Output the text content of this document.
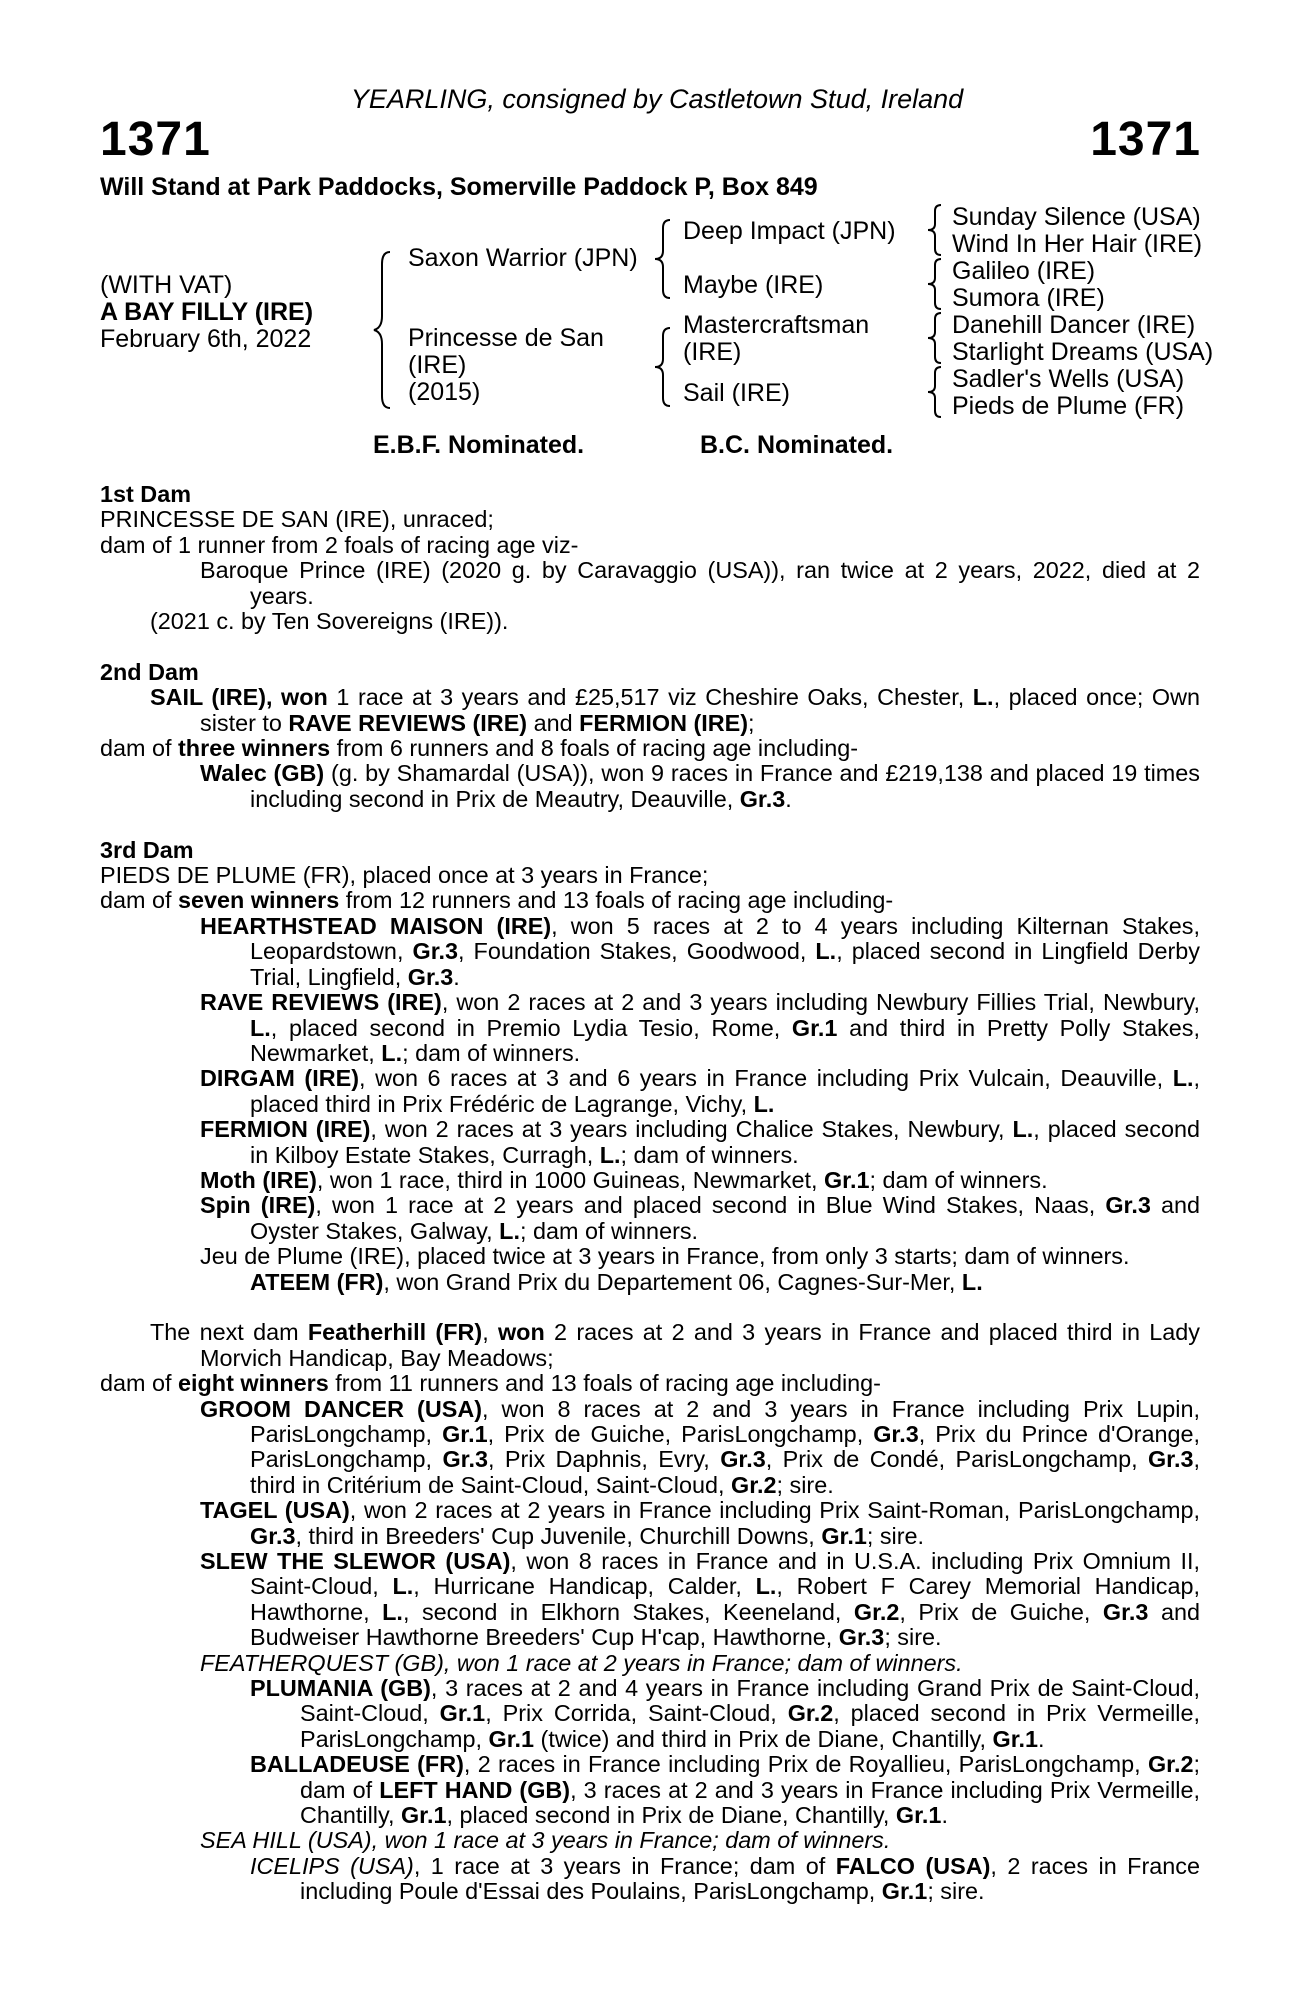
YEARLING, consigned by Castletown Stud, Ireland
1371	1371
Will Stand at Park Paddocks, Somerville Paddock P, Box 849
(WITH VAT)
A BAY FILLY (IRE)
February 6th, 2022
Saxon Warrior (JPN)
Princesse de San
(IRE)
(2015)
Deep Impact (JPN)
Maybe (IRE)
Mastercraftsman
(IRE)
Sail (IRE)
Sunday Silence (USA)
Wind In Her Hair (IRE)
Galileo (IRE)
Sumora (IRE)
Danehill Dancer (IRE)
Starlight Dreams (USA)
Sadler's Wells (USA)
Pieds de Plume (FR)
E.B.F. Nominated.	B.C. Nominated.

1st Dam

PRINCESSE DE SAN (IRE), unraced;

dam of 1 runner from 2 foals of racing age viz-

Baroque Prince (IRE) (2020 g. by Caravaggio (USA)), ran twice at 2 years, 2022, died at 2 years.

(2021 c. by Ten Sovereigns (IRE)).

2nd Dam

SAIL (IRE), won 1 race at 3 years and £25,517 viz Cheshire Oaks, Chester, L., placed once; Own sister to RAVE REVIEWS (IRE) and FERMION (IRE);

dam of three winners from 6 runners and 8 foals of racing age including-

Walec (GB) (g. by Shamardal (USA)), won 9 races in France and £219,138 and placed 19 times including second in Prix de Meautry, Deauville, Gr.3.

3rd Dam

PIEDS DE PLUME (FR), placed once at 3 years in France;

dam of seven winners from 12 runners and 13 foals of racing age including-

HEARTHSTEAD MAISON (IRE), won 5 races at 2 to 4 years including Kilternan Stakes, Leopardstown, Gr.3, Foundation Stakes, Goodwood, L., placed second in Lingfield Derby Trial, Lingfield, Gr.3.

RAVE REVIEWS (IRE), won 2 races at 2 and 3 years including Newbury Fillies Trial, Newbury, L., placed second in Premio Lydia Tesio, Rome, Gr.1 and third in Pretty Polly Stakes, Newmarket, L.; dam of winners.

DIRGAM (IRE), won 6 races at 3 and 6 years in France including Prix Vulcain, Deauville, L., placed third in Prix Frédéric de Lagrange, Vichy, L.

FERMION (IRE), won 2 races at 3 years including Chalice Stakes, Newbury, L., placed second in Kilboy Estate Stakes, Curragh, L.; dam of winners.

Moth (IRE), won 1 race, third in 1000 Guineas, Newmarket, Gr.1; dam of winners.

Spin (IRE), won 1 race at 2 years and placed second in Blue Wind Stakes, Naas, Gr.3 and Oyster Stakes, Galway, L.; dam of winners.

Jeu de Plume (IRE), placed twice at 3 years in France, from only 3 starts; dam of winners.

ATEEM (FR), won Grand Prix du Departement 06, Cagnes-Sur-Mer, L.

The next dam Featherhill (FR), won 2 races at 2 and 3 years in France and placed third in Lady Morvich Handicap, Bay Meadows;

dam of eight winners from 11 runners and 13 foals of racing age including-

GROOM DANCER (USA), won 8 races at 2 and 3 years in France including Prix Lupin, ParisLongchamp, Gr.1, Prix de Guiche, ParisLongchamp, Gr.3, Prix du Prince d'Orange, ParisLongchamp, Gr.3, Prix Daphnis, Evry, Gr.3, Prix de Condé, ParisLongchamp, Gr.3, third in Critérium de Saint-Cloud, Saint-Cloud, Gr.2; sire.

TAGEL (USA), won 2 races at 2 years in France including Prix Saint-Roman, ParisLongchamp, Gr.3, third in Breeders' Cup Juvenile, Churchill Downs, Gr.1; sire.

SLEW THE SLEWOR (USA), won 8 races in France and in U.S.A. including Prix Omnium II, Saint-Cloud, L., Hurricane Handicap, Calder, L., Robert F Carey Memorial Handicap, Hawthorne, L., second in Elkhorn Stakes, Keeneland, Gr.2, Prix de Guiche, Gr.3 and Budweiser Hawthorne Breeders' Cup H'cap, Hawthorne, Gr.3; sire.

FEATHERQUEST (GB), won 1 race at 2 years in France; dam of winners.

PLUMANIA (GB), 3 races at 2 and 4 years in France including Grand Prix de Saint-Cloud, Saint-Cloud, Gr.1, Prix Corrida, Saint-Cloud, Gr.2, placed second in Prix Vermeille, ParisLongchamp, Gr.1 (twice) and third in Prix de Diane, Chantilly, Gr.1.

BALLADEUSE (FR), 2 races in France including Prix de Royallieu, ParisLongchamp, Gr.2; dam of LEFT HAND (GB), 3 races at 2 and 3 years in France including Prix Vermeille, Chantilly, Gr.1, placed second in Prix de Diane, Chantilly, Gr.1.

SEA HILL (USA), won 1 race at 3 years in France; dam of winners.

ICELIPS (USA), 1 race at 3 years in France; dam of FALCO (USA), 2 races in France including Poule d'Essai des Poulains, ParisLongchamp, Gr.1; sire.
